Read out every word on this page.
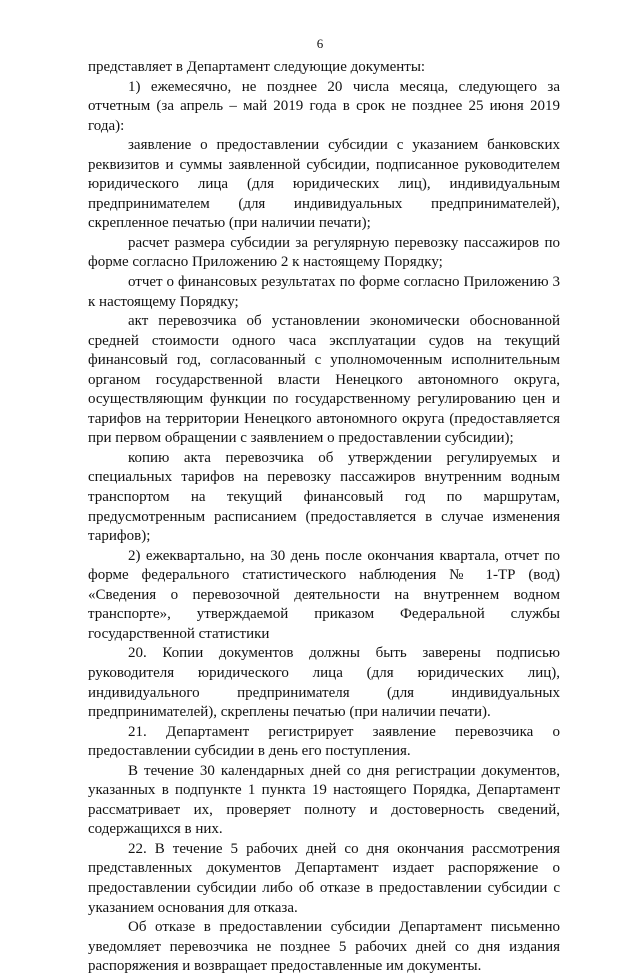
6

представляет в Департамент следующие документы:

1) ежемесячно, не позднее 20 числа месяца, следующего за отчетным (за апрель – май 2019 года в срок не позднее 25 июня 2019 года):

заявление о предоставлении субсидии с указанием банковских реквизитов и суммы заявленной субсидии, подписанное руководителем юридического лица (для юридических лиц), индивидуальным предпринимателем (для индивидуальных предпринимателей), скрепленное печатью (при наличии печати);

расчет размера субсидии за регулярную перевозку пассажиров по форме согласно Приложению 2 к настоящему Порядку;

отчет о финансовых результатах по форме согласно Приложению 3 к настоящему Порядку;

акт перевозчика об установлении экономически обоснованной средней стоимости одного часа эксплуатации судов на текущий финансовый год, согласованный с уполномоченным исполнительным органом государственной власти Ненецкого автономного округа, осуществляющим функции по государственному регулированию цен и тарифов на территории Ненецкого автономного округа (предоставляется при первом обращении с заявлением о предоставлении субсидии);

копию акта перевозчика об утверждении регулируемых и специальных тарифов на перевозку пассажиров внутренним водным транспортом на текущий финансовый год по маршрутам, предусмотренным расписанием (предоставляется в случае изменения тарифов);

2) ежеквартально, на 30 день после окончания квартала, отчет по форме федерального статистического наблюдения № 1-ТР (вод) «Сведения о перевозочной деятельности на внутреннем водном транспорте», утверждаемой приказом Федеральной службы государственной статистики

20. Копии документов должны быть заверены подписью руководителя юридического лица (для юридических лиц), индивидуального предпринимателя (для индивидуальных предпринимателей), скреплены печатью (при наличии печати).

21. Департамент регистрирует заявление перевозчика о предоставлении субсидии в день его поступления.

В течение 30 календарных дней со дня регистрации документов, указанных в подпункте 1 пункта 19 настоящего Порядка, Департамент рассматривает их, проверяет полноту и достоверность сведений, содержащихся в них.

22. В течение 5 рабочих дней со дня окончания рассмотрения представленных документов Департамент издает распоряжение о предоставлении субсидии либо об отказе в предоставлении субсидии с указанием основания для отказа.

Об отказе в предоставлении субсидии Департамент письменно уведомляет перевозчика не позднее 5 рабочих дней со дня издания распоряжения и возвращает предоставленные им документы.
